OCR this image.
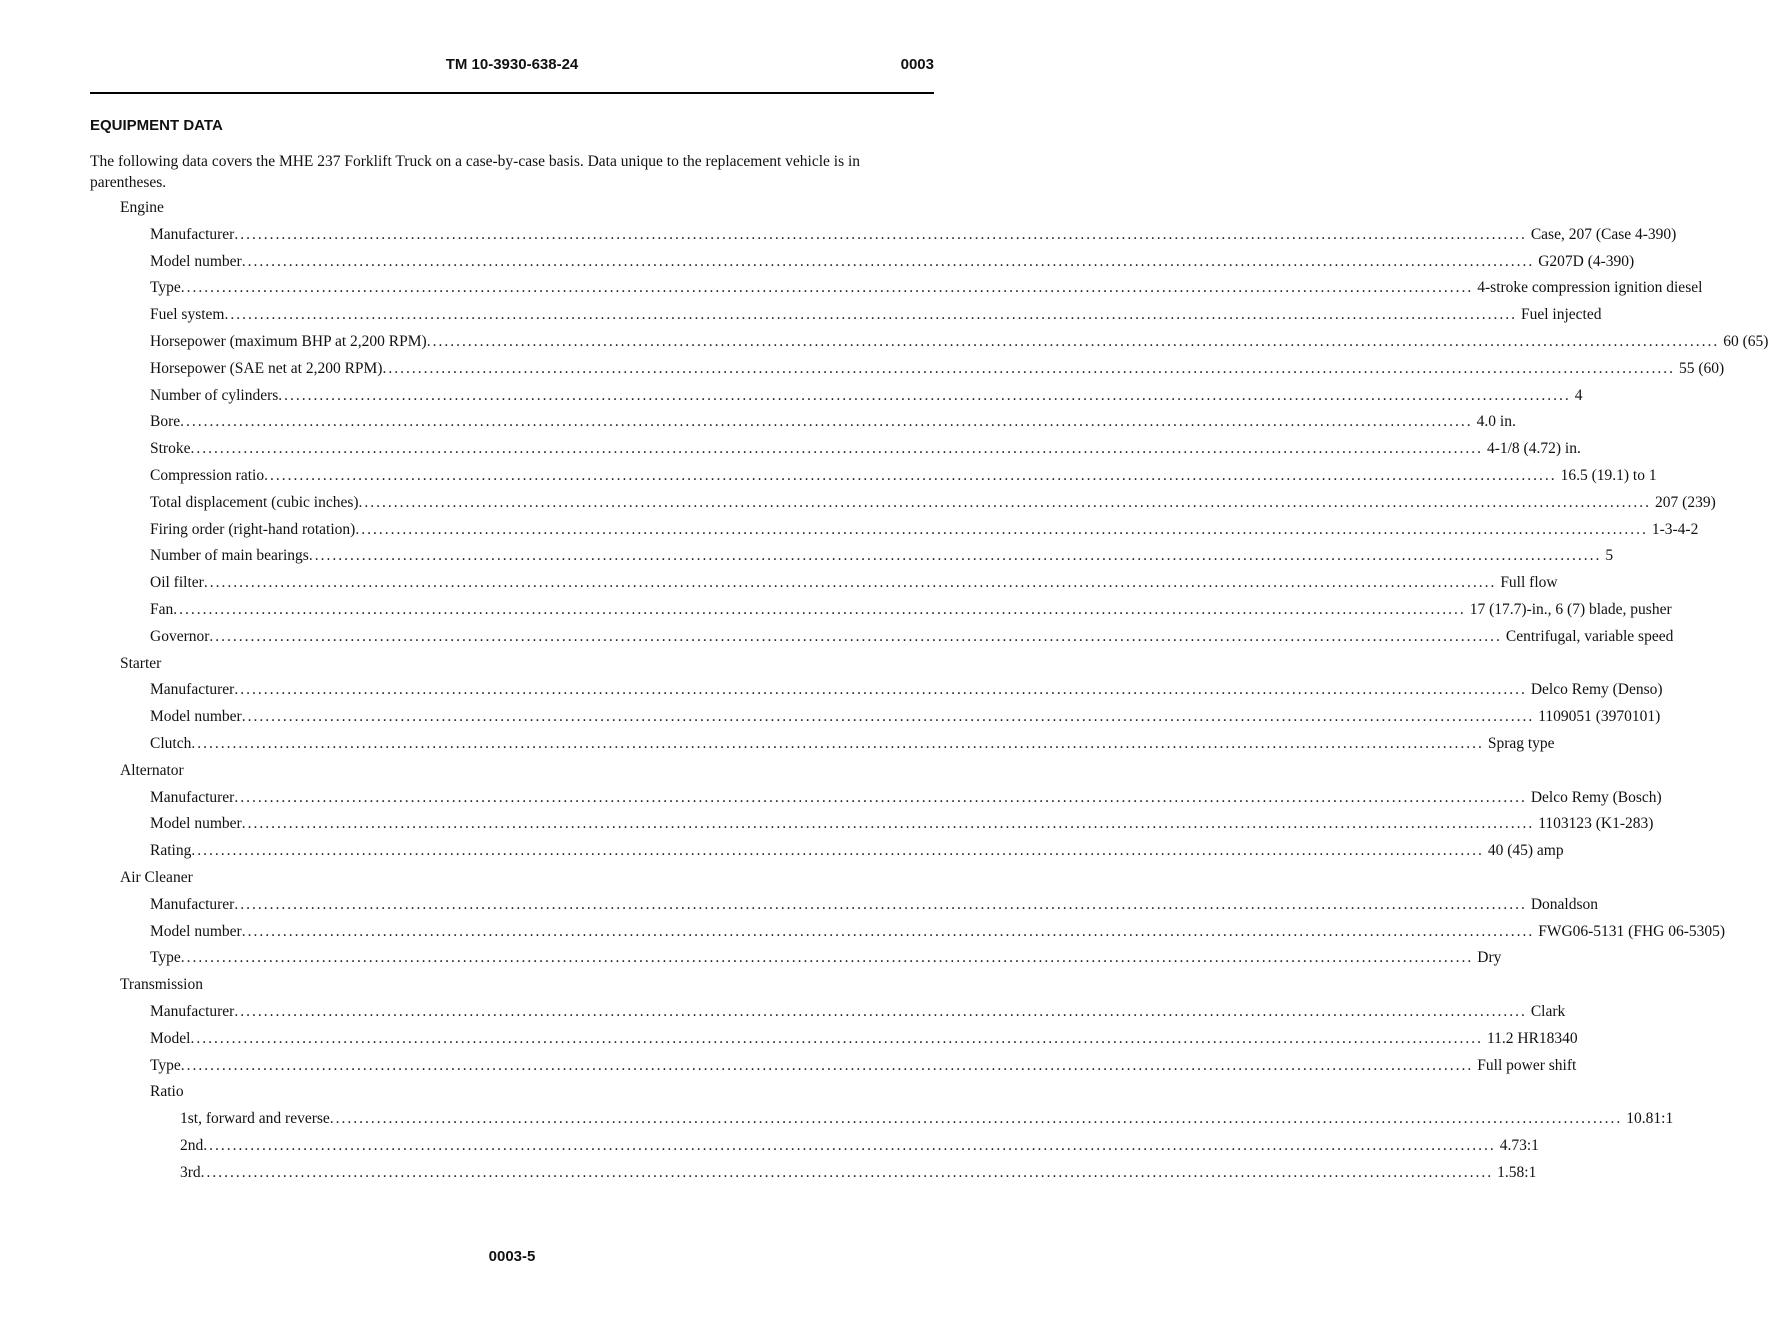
TM 10-3930-638-24	0003
EQUIPMENT DATA
The following data covers the MHE 237 Forklift Truck on a case-by-case basis. Data unique to the replacement vehicle is in parentheses.
Engine
Manufacturer ............................................................................................................................................................................................................................ Case, 207 (Case 4-390)
Model number ............................................................................................................................................................................................................................ G207D (4-390)
Type ............................................................................................................................................................................................................................ 4-stroke compression ignition diesel
Fuel system ............................................................................................................................................................................................................................ Fuel injected
Horsepower (maximum BHP at 2,200 RPM) ............................................................................................................................................................................................................................ 60 (65)
Horsepower (SAE net at 2,200 RPM) ............................................................................................................................................................................................................................ 55 (60)
Number of cylinders ............................................................................................................................................................................................................................ 4
Bore ............................................................................................................................................................................................................................ 4.0 in.
Stroke ............................................................................................................................................................................................................................ 4-1/8 (4.72) in.
Compression ratio ............................................................................................................................................................................................................................ 16.5 (19.1) to 1
Total displacement (cubic inches) ............................................................................................................................................................................................................................ 207 (239)
Firing order (right-hand rotation) ............................................................................................................................................................................................................................ 1-3-4-2
Number of main bearings ............................................................................................................................................................................................................................ 5
Oil filter ............................................................................................................................................................................................................................ Full flow
Fan ............................................................................................................................................................................................................................ 17 (17.7)-in., 6 (7) blade, pusher
Governor ............................................................................................................................................................................................................................ Centrifugal, variable speed
Starter
Manufacturer ............................................................................................................................................................................................................................ Delco Remy (Denso)
Model number ............................................................................................................................................................................................................................ 1109051 (3970101)
Clutch ............................................................................................................................................................................................................................ Sprag type
Alternator
Manufacturer ............................................................................................................................................................................................................................ Delco Remy (Bosch)
Model number ............................................................................................................................................................................................................................ 1103123 (K1-283)
Rating ............................................................................................................................................................................................................................ 40 (45) amp
Air Cleaner
Manufacturer ............................................................................................................................................................................................................................ Donaldson
Model number ............................................................................................................................................................................................................................ FWG06-5131 (FHG 06-5305)
Type ............................................................................................................................................................................................................................ Dry
Transmission
Manufacturer ............................................................................................................................................................................................................................ Clark
Model ............................................................................................................................................................................................................................ 11.2 HR18340
Type ............................................................................................................................................................................................................................ Full power shift
Ratio
1st, forward and reverse ............................................................................................................................................................................................................................ 10.81:1
2nd ............................................................................................................................................................................................................................ 4.73:1
3rd ............................................................................................................................................................................................................................ 1.58:1
0003-5
